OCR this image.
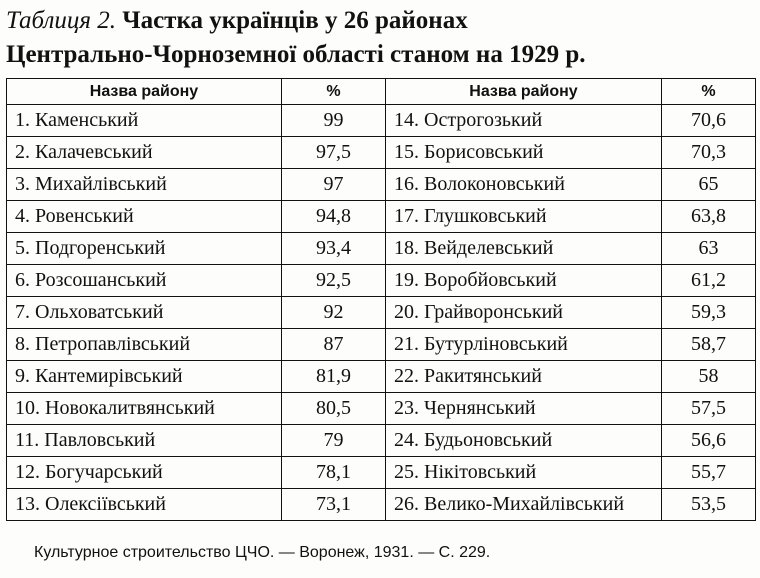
Таблиця 2. Частка українців у 26 районах
Центрально-Чорноземної області станом на 1929 р.
Назва району	%	Назва району	%
1. Каменський	99	14. Острогозький	70,6
2. Калачевський	97,5	15. Борисовський	70,3
3. Михайлівський	97	16. Волоконовський	65
4. Ровенський	94,8	17. Глушковський	63,8
5. Подгоренський	93,4	18. Вейделевський	63
6. Розсошанський	92,5	19. Воробйовський	61,2
7. Ольховатський	92	20. Грайворонський	59,3
8. Петропавлівський	87	21. Бутурліновський	58,7
9. Кантемирівський	81,9	22. Ракитянський	58
10. Новокалитвянський	80,5	23. Чернянський	57,5
11. Павловський	79	24. Будьоновський	56,6
12. Богучарський	78,1	25. Нікітовський	55,7
13. Олексіївський	73,1	26. Велико-Михайлівський	53,5
Культурное строительство ЦЧО. — Воронеж, 1931. — С. 229.
